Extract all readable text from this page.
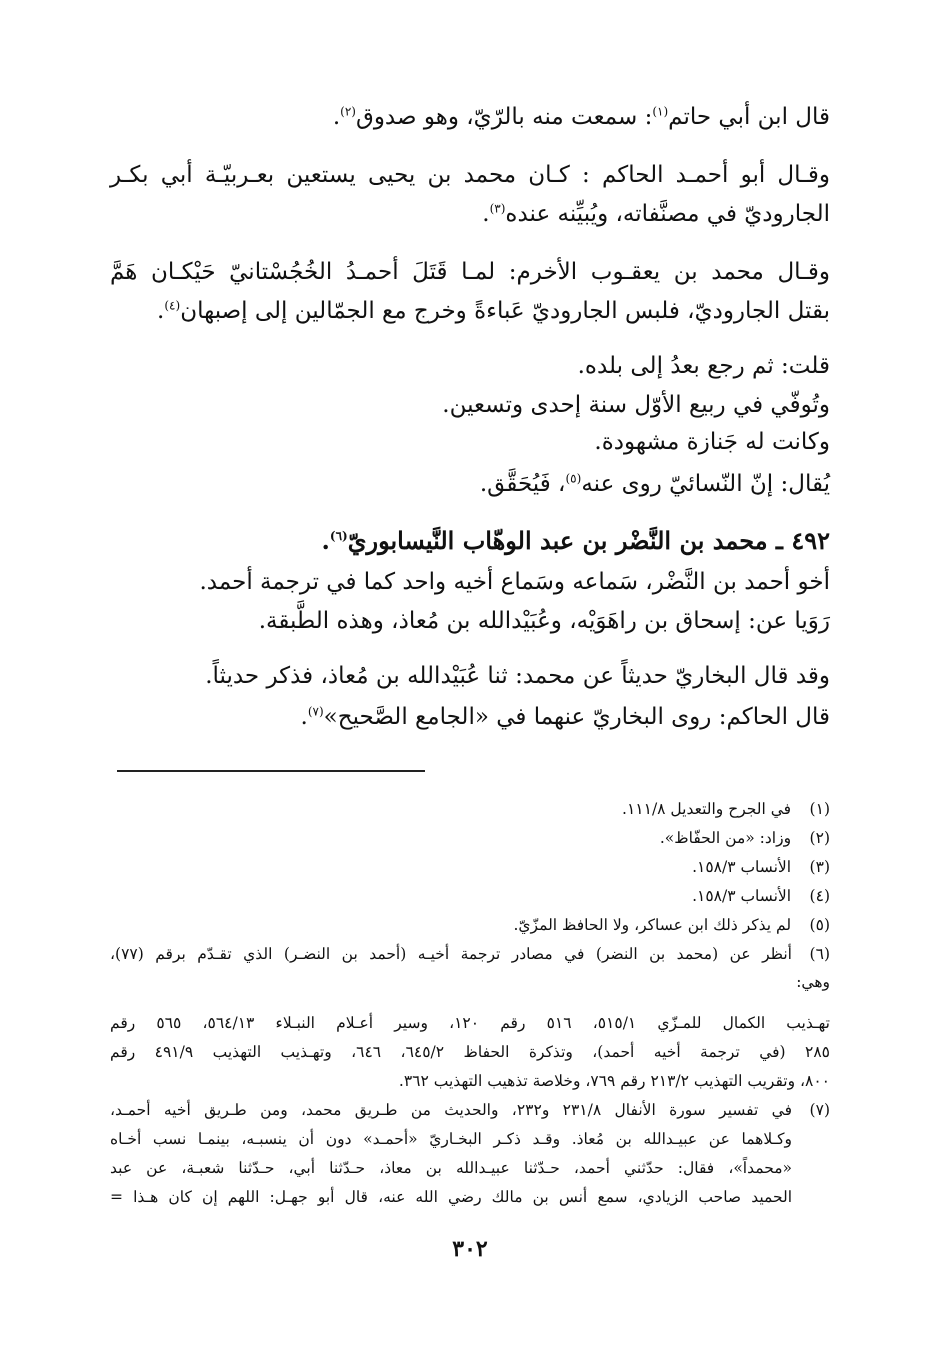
قال ابن أبي حاتم$^{(١)}$: سمعت منه بالرّيّ، وهو صدوق$^{(٢)}$.
وقـال أبو أحمـد الحاكم : كـان محمد بن يحيى يستعين بعـربيّـة أبي بكـر
الجاروديّ في مصنَّفاته، ويُبيِّنه عنده$^{(٣)}$.
وقـال محمد بن يعقـوب الأخرم: لمـا قَتَلَ أحمـدُ الخُجُسْتانيّ حَيْكـان هَمَّ
بقتل الجاروديّ، فلبس الجاروديّ عَباءةً وخرج مع الجمّالين إلى إصبهان$^{(٤)}$.
قلت: ثم رجع بعدُ إلى بلده.
وتُوفّي في ربيع الأوّل سنة إحدى وتسعين.
وكانت له جَنازة مشهودة.
يُقال: إنّ النّسائيّ روى عنه$^{(٥)}$، فَيُحَقَّق.
٤٩٢ ـ محمد بن النَّضْر بن عبد الوهّاب النَّيسابوريّ$^{(٦)}$.
أخو أحمد بن النَّضْر، سَماعه وسَماع أخيه واحد كما في ترجمة أحمد.
رَوَيا عن: إسحاق بن راهَوَيْه، وعُبَيْدالله بن مُعاذ، وهذه الطَّبقة.
وقد قال البخاريّ حديثاً عن محمد: ثنا عُبَيْدالله بن مُعاذ، فذكر حديثاً.
قال الحاكم: روى البخاريّ عنهما في «الجامع الصَّحيح»$^{(٧)}$.
(١) في الجرح والتعديل ١١١/٨.
(٢) وزاد: «من الحفّاظ».
(٣) الأنساب ١٥٨/٣.
(٤) الأنساب ١٥٨/٣.
(٥) لم يذكر ذلك ابن عساكر، ولا الحافظ المزّيّ.
(٦)
أنظر عن (محمد بن النضر) في مصادر ترجمة أخيـه (أحمد بن النضـر) الذي تقـدّم برقم (٧٧)،
وهي:
تهـذيب الكمال للمـزّي ٥١٥/١، ٥١٦ رقم ١٢٠، وسير أعـلام النبـلاء ٥٦٤/١٣، ٥٦٥ رقم
٢٨٥ (في ترجمة أخيه أحمد)، وتذكرة الحفاظ ٦٤٥/٢، ٦٤٦، وتهـذيب التهذيب ٤٩١/٩ رقم
٨٠٠، وتقريب التهذيب ٢١٣/٢ رقم ٧٦٩، وخلاصة تذهيب التهذيب ٣٦٢.
(٧)
في تفسير سورة الأنفال ٢٣١/٨ و٢٣٢، والحديث من طـريق محمد، ومن طـريق أخيه أحمـد،
وكـلاهما عن عبيـدالله بن مُعاذ. وقـد ذكـر البخـاريّ «أحمـد» دون أن ينسبـه، بينمـا نسب أخـاه
«محمداً»، فقال: حدّثني أحمد، حـدّثنا عبيـدالله بن معاذ، حـدّثنا أبي، حـدّثنا شعبـة، عن عبد
الحميد صاحب الزيادي، سمع أنس بن مالك رضي الله عنه، قال أبو جهـل: اللهم إن كان هـذا =
٣٠٢
